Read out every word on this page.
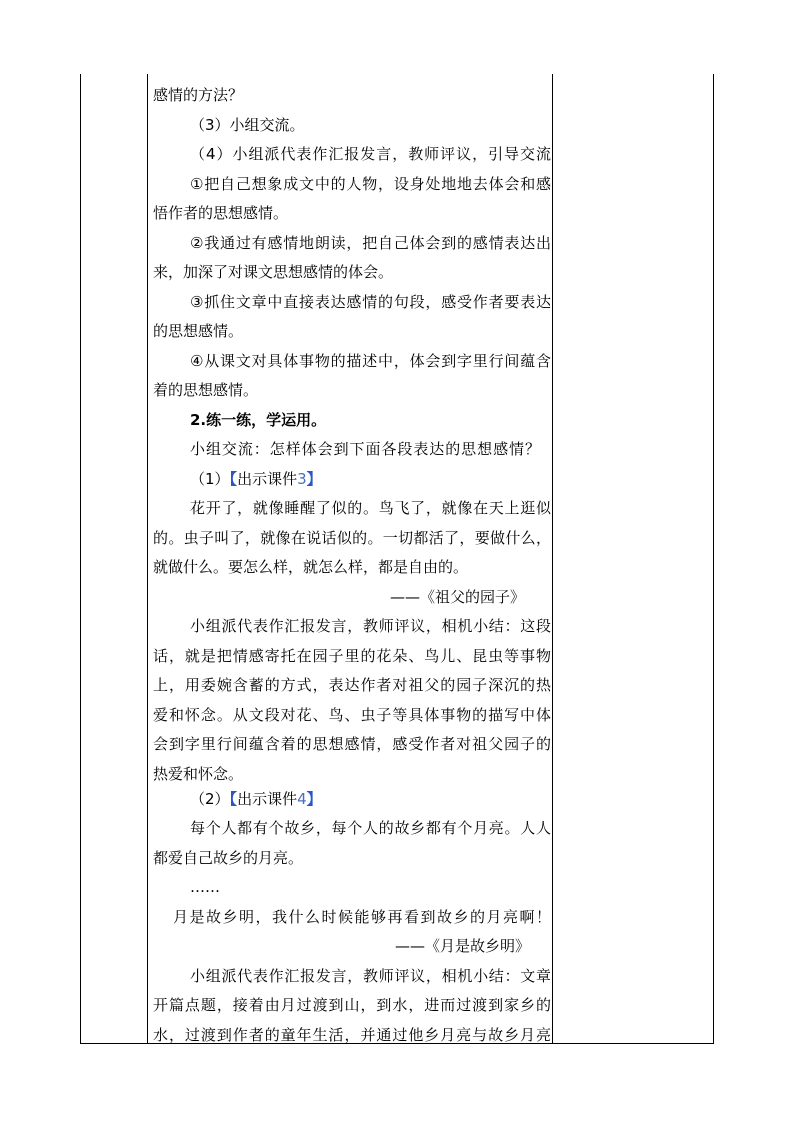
感情的方法？
（3）小组交流。
（4）小组派代表作汇报发言，教师评议，引导交流
①把自己想象成文中的人物，设身处地地去体会和感
悟作者的思想感情。
②我通过有感情地朗读，把自己体会到的感情表达出
来，加深了对课文思想感情的体会。
③抓住文章中直接表达感情的句段，感受作者要表达
的思想感情。
④从课文对具体事物的描述中，体会到字里行间蕴含
着的思想感情。
2.练一练，学运用。
小组交流：怎样体会到下面各段表达的思想感情？
（1）【出示课件3】
花开了，就像睡醒了似的。鸟飞了，就像在天上逛似
的。虫子叫了，就像在说话似的。一切都活了，要做什么，
就做什么。要怎么样，就怎么样，都是自由的。
——《祖父的园子》
小组派代表作汇报发言，教师评议，相机小结：这段
话，就是把情感寄托在园子里的花朵、鸟儿、昆虫等事物
上，用委婉含蓄的方式，表达作者对祖父的园子深沉的热
爱和怀念。从文段对花、鸟、虫子等具体事物的描写中体
会到字里行间蕴含着的思想感情，感受作者对祖父园子的
热爱和怀念。
（2）【出示课件4】
每个人都有个故乡，每个人的故乡都有个月亮。人人
都爱自己故乡的月亮。
……
月是故乡明，我什么时候能够再看到故乡的月亮啊！
——《月是故乡明》
小组派代表作汇报发言，教师评议，相机小结：文章
开篇点题，接着由月过渡到山，到水，进而过渡到家乡的
水，过渡到作者的童年生活，并通过他乡月亮与故乡月亮
